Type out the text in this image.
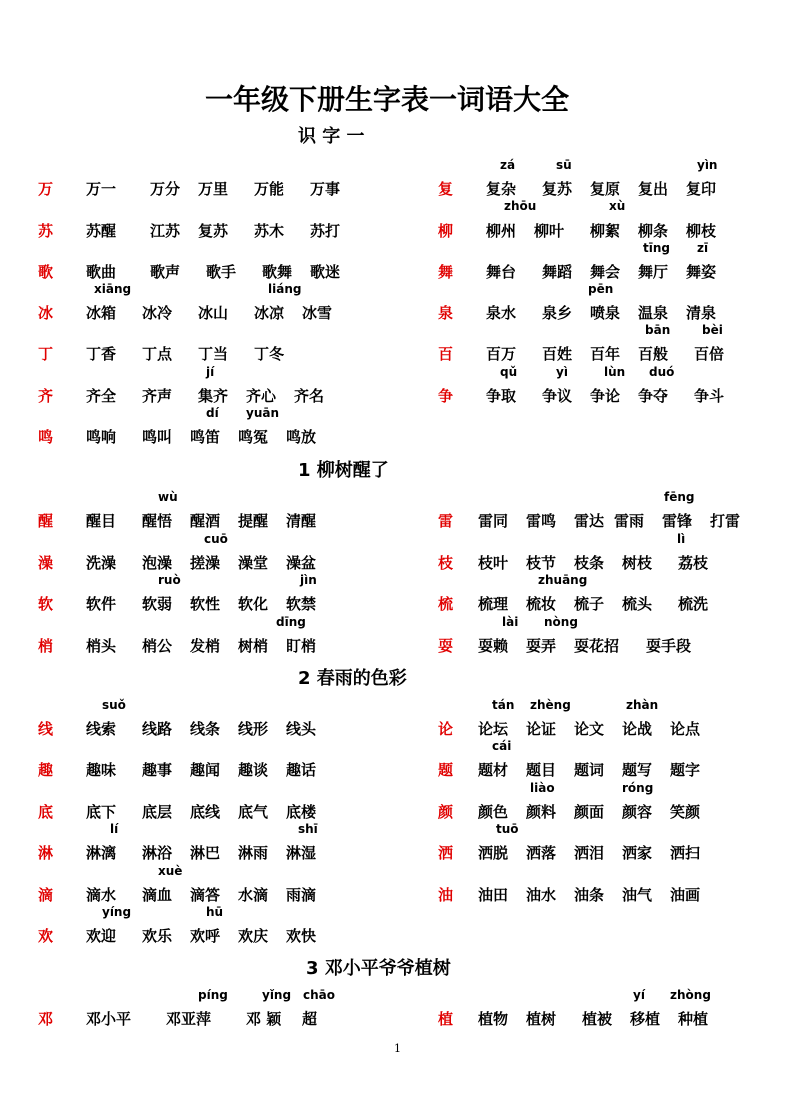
一年级下册生字表一词语大全
识 字 一
1 柳树醒了
2 春雨的色彩
3 邓小平爷爷植树
万 万一 万分 万里 万能 万事	复 复杂 复苏 复原 复出 复印
苏 苏醒 江苏 复苏 苏木 苏打	柳 柳州 柳叶 柳絮 柳条 柳枝
歌 歌曲 歌声 歌手 歌舞 歌迷	舞 舞台 舞蹈 舞会 舞厅 舞姿
冰 冰箱 冰冷 冰山 冰凉 冰雪	泉 泉水 泉乡 喷泉 温泉 清泉
丁 丁香 丁点 丁当 丁冬	百 百万 百姓 百年 百般 百倍
齐 齐全 齐声 集齐 齐心 齐名	争 争取 争议 争论 争夺 争斗
鸣 鸣响 鸣叫 鸣笛 鸣冤 鸣放
醒 醒目 醒悟 醒酒 提醒 清醒	雷 雷同 雷鸣 雷达 雷雨 雷锋 打雷
澡 洗澡 泡澡 搓澡 澡堂 澡盆	枝 枝叶 枝节 枝条 树枝 荔枝
软 软件 软弱 软性 软化 软禁	梳 梳理 梳妆 梳子 梳头 梳洗
梢 梢头 梢公 发梢 树梢 盯梢	耍 耍赖 耍弄 耍花招 耍手段
线 线索 线路 线条 线形 线头	论 论坛 论证 论文 论战 论点
趣 趣味 趣事 趣闻 趣谈 趣话	题 题材 题目 题词 题写 题字
底 底下 底层 底线 底气 底楼	颜 颜色 颜料 颜面 颜容 笑颜
淋 淋漓 淋浴 淋巴 淋雨 淋湿	洒 洒脱 洒落 洒泪 洒家 洒扫
滴 滴水 滴血 滴答 水滴 雨滴	油 油田 油水 油条 油气 油画
欢 欢迎 欢乐 欢呼 欢庆 欢快
邓 邓小平 邓亚萍 邓 颖 超	植 植物 植树 植被 移植 种植
zá	sū	yìn
zhōu	xù
tīng zī
xiāng	liáng	pēn
bān	bèi
jí	qǔ	yì	lùn duó
dí yuān
wù	fēng
cuō	lì
ruò	jìn	zhuāng
dīng	lài nòng
suǒ	tán zhèng	zhàn
cái
liào	róng
lí	shī	tuō
xuè
yíng	hū
píng	yǐng chāo	yí zhòng
1
